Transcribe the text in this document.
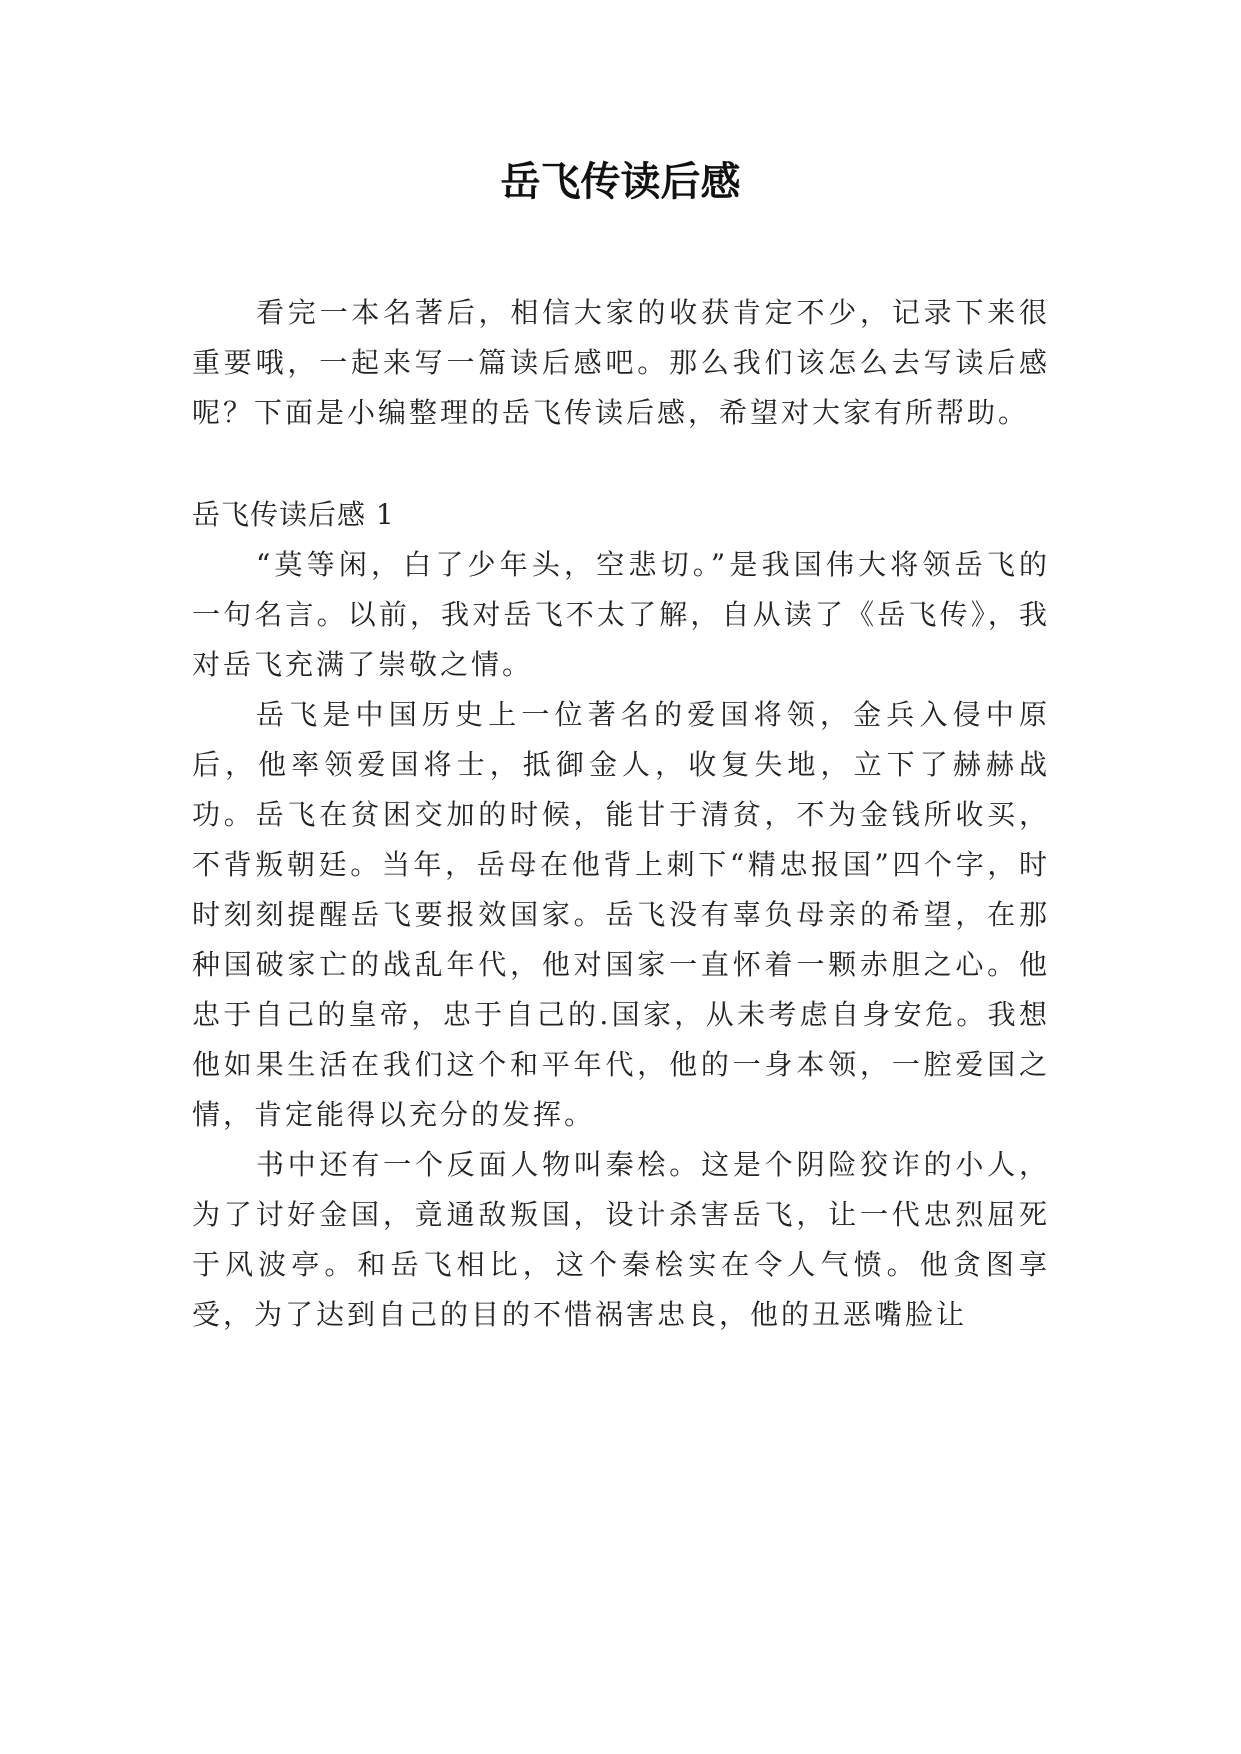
岳飞传读后感

看完一本名著后，相信大家的收获肯定不少，记录下来很重要哦，一起来写一篇读后感吧。那么我们该怎么去写读后感呢？下面是小编整理的岳飞传读后感，希望对大家有所帮助。

岳飞传读后感 1

“莫等闲，白了少年头，空悲切。”是我国伟大将领岳飞的一句名言。以前，我对岳飞不太了解，自从读了《岳飞传》，我对岳飞充满了崇敬之情。

岳飞是中国历史上一位著名的爱国将领，金兵入侵中原后，他率领爱国将士，抵御金人，收复失地，立下了赫赫战功。岳飞在贫困交加的时候，能甘于清贫，不为金钱所收买，不背叛朝廷。当年，岳母在他背上刺下“精忠报国”四个字，时时刻刻提醒岳飞要报效国家。岳飞没有辜负母亲的希望，在那种国破家亡的战乱年代，他对国家一直怀着一颗赤胆之心。他忠于自己的皇帝，忠于自己的.国家，从未考虑自身安危。我想他如果生活在我们这个和平年代，他的一身本领，一腔爱国之情，肯定能得以充分的发挥。

书中还有一个反面人物叫秦桧。这是个阴险狡诈的小人，为了讨好金国，竟通敌叛国，设计杀害岳飞，让一代忠烈屈死于风波亭。和岳飞相比，这个秦桧实在令人气愤。他贪图享受，为了达到自己的目的不惜祸害忠良，他的丑恶嘴脸让
